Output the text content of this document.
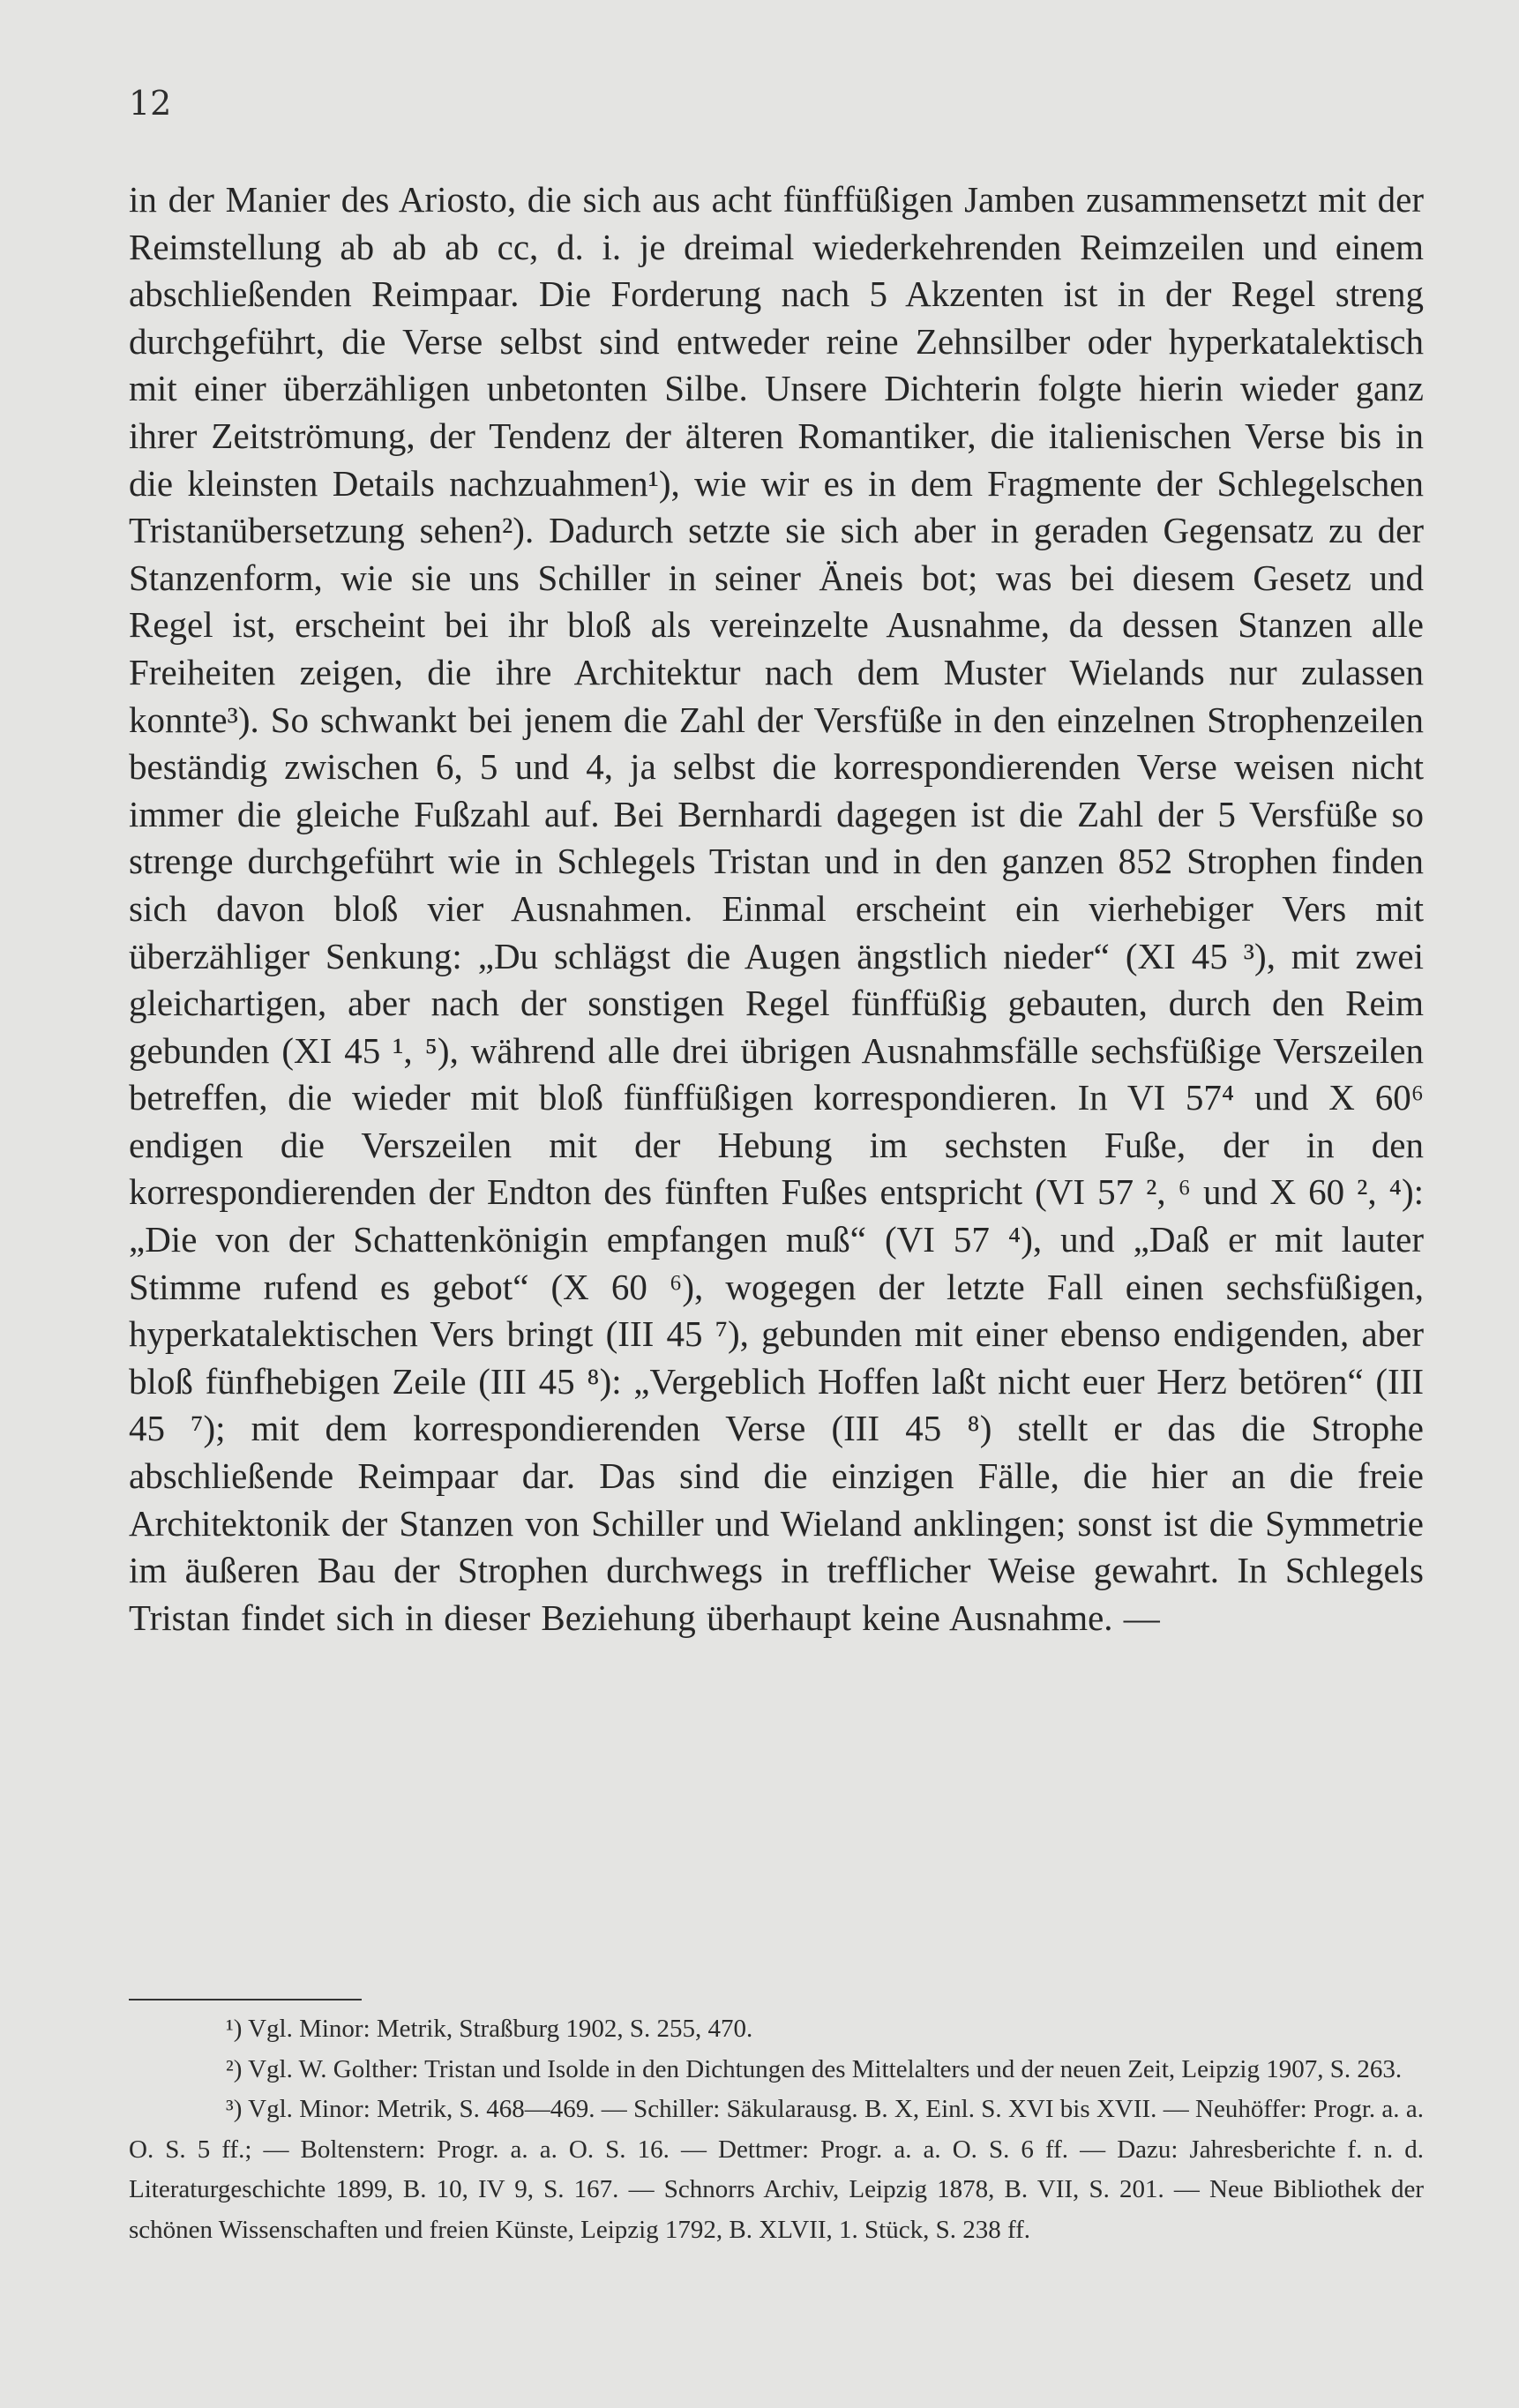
12

in der Manier des Ariosto, die sich aus acht fünffüßigen Jamben zusammensetzt mit der Reimstellung ab ab ab cc, d. i. je dreimal wiederkehrenden Reimzeilen und einem abschließenden Reimpaar. Die Forderung nach 5 Akzenten ist in der Regel streng durchgeführt, die Verse selbst sind entweder reine Zehnsilber oder hyperkatalektisch mit einer überzähligen unbetonten Silbe. Unsere Dichterin folgte hierin wieder ganz ihrer Zeitströmung, der Tendenz der älteren Romantiker, die italienischen Verse bis in die kleinsten Details nachzuahmen¹), wie wir es in dem Fragmente der Schlegelschen Tristanübersetzung sehen²). Dadurch setzte sie sich aber in geraden Gegensatz zu der Stanzenform, wie sie uns Schiller in seiner Äneis bot; was bei diesem Gesetz und Regel ist, erscheint bei ihr bloß als vereinzelte Ausnahme, da dessen Stanzen alle Freiheiten zeigen, die ihre Architektur nach dem Muster Wielands nur zulassen konnte³). So schwankt bei jenem die Zahl der Versfüße in den einzelnen Strophenzeilen beständig zwischen 6, 5 und 4, ja selbst die korrespondierenden Verse weisen nicht immer die gleiche Fußzahl auf. Bei Bernhardi dagegen ist die Zahl der 5 Versfüße so strenge durchgeführt wie in Schlegels Tristan und in den ganzen 852 Strophen finden sich davon bloß vier Ausnahmen. Einmal erscheint ein vierhebiger Vers mit überzähliger Senkung: „Du schlägst die Augen ängstlich nieder“ (XI 45 ³), mit zwei gleichartigen, aber nach der sonstigen Regel fünffüßig gebauten, durch den Reim gebunden (XI 45 ¹, ⁵), während alle drei übrigen Ausnahmsfälle sechsfüßige Verszeilen betreffen, die wieder mit bloß fünffüßigen korrespondieren. In VI 57⁴ und X 60⁶ endigen die Verszeilen mit der Hebung im sechsten Fuße, der in den korrespondierenden der Endton des fünften Fußes entspricht (VI 57 ², ⁶ und X 60 ², ⁴): „Die von der Schattenkönigin empfangen muß“ (VI 57 ⁴), und „Daß er mit lauter Stimme rufend es gebot“ (X 60 ⁶), wogegen der letzte Fall einen sechsfüßigen, hyperkatalektischen Vers bringt (III 45 ⁷), gebunden mit einer ebenso endigenden, aber bloß fünfhebigen Zeile (III 45 ⁸): „Vergeblich Hoffen laßt nicht euer Herz betören“ (III 45 ⁷); mit dem korrespondierenden Verse (III 45 ⁸) stellt er das die Strophe abschließende Reimpaar dar. Das sind die einzigen Fälle, die hier an die freie Architektonik der Stanzen von Schiller und Wieland anklingen; sonst ist die Symmetrie im äußeren Bau der Strophen durchwegs in trefflicher Weise gewahrt. In Schlegels Tristan findet sich in dieser Beziehung überhaupt keine Ausnahme. —

¹) Vgl. Minor: Metrik, Straßburg 1902, S. 255, 470.

²) Vgl. W. Golther: Tristan und Isolde in den Dichtungen des Mittelalters und der neuen Zeit, Leipzig 1907, S. 263.

³) Vgl. Minor: Metrik, S. 468—469. — Schiller: Säkularausg. B. X, Einl. S. XVI bis XVII. — Neuhöffer: Progr. a. a. O. S. 5 ff.; — Boltenstern: Progr. a. a. O. S. 16. — Dettmer: Progr. a. a. O. S. 6 ff. — Dazu: Jahresberichte f. n. d. Literaturgeschichte 1899, B. 10, IV 9, S. 167. — Schnorrs Archiv, Leipzig 1878, B. VII, S. 201. — Neue Bibliothek der schönen Wissenschaften und freien Künste, Leipzig 1792, B. XLVII, 1. Stück, S. 238 ff.
